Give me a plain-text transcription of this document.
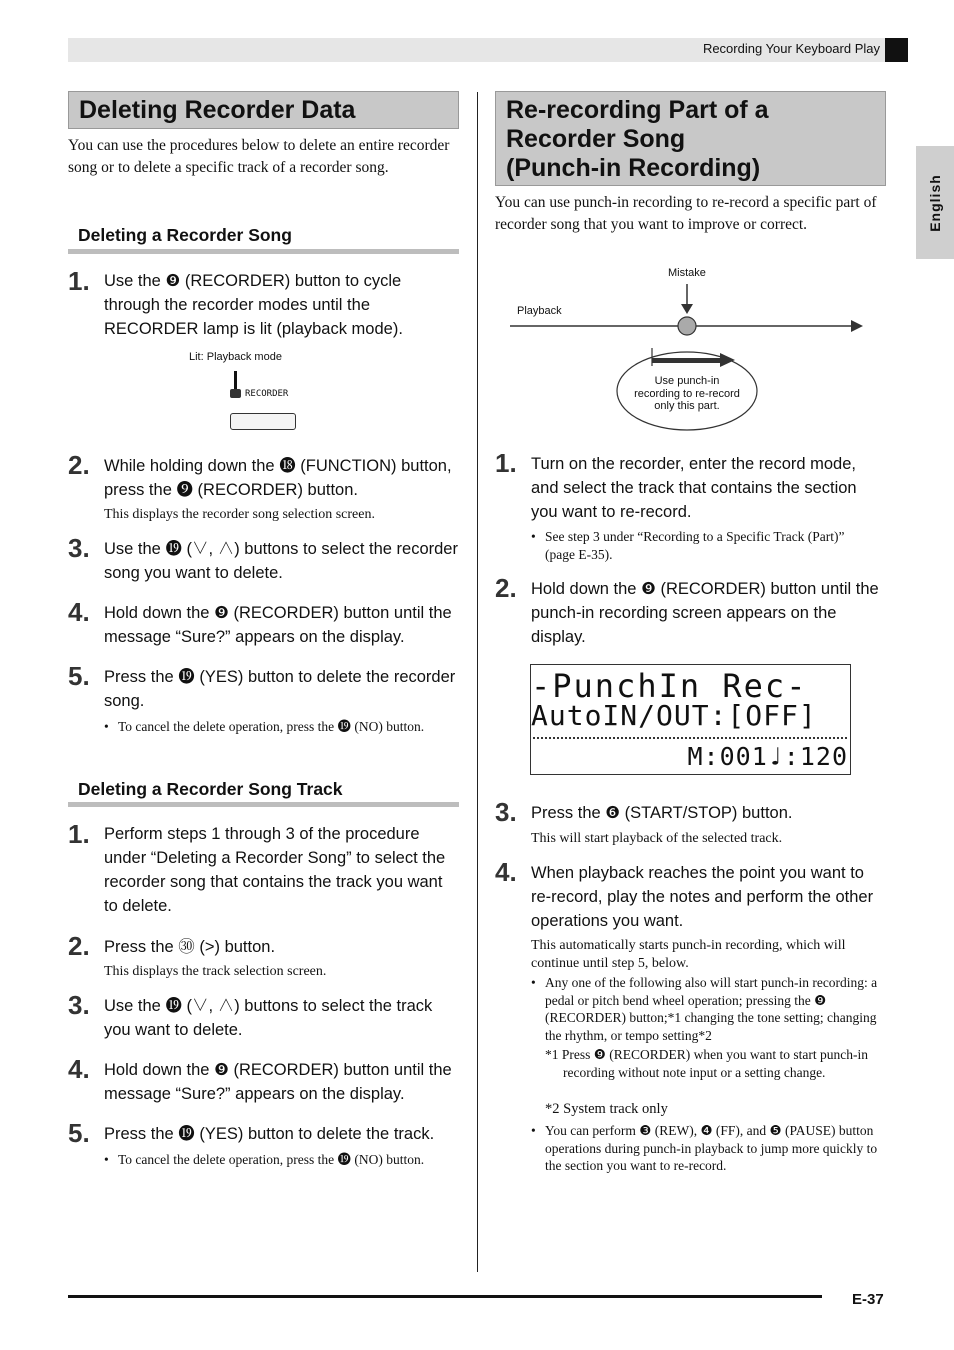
Recording Your Keyboard Play
English
Deleting Recorder Data
You can use the procedures below to delete an entire recorder song or to delete a specific track of a recorder song.
Deleting a Recorder Song
1. Use the ❾ (RECORDER) button to cycle through the recorder modes until the RECORDER lamp is lit (playback mode).
Lit: Playback mode
RECORDER
2. While holding down the ⓲ (FUNCTION) button, press the ❾ (RECORDER) button.
This displays the recorder song selection screen.
3. Use the ⓳ (∨, ∧) buttons to select the recorder song you want to delete.
4. Hold down the ❾ (RECORDER) button until the message “Sure?” appears on the display.
5. Press the ⓳ (YES) button to delete the recorder song.
• To cancel the delete operation, press the ⓳ (NO) button.
Deleting a Recorder Song Track
1. Perform steps 1 through 3 of the procedure under “Deleting a Recorder Song” to select the recorder song that contains the track you want to delete.
2. Press the ㉚ (>) button.
This displays the track selection screen.
3. Use the ⓳ (∨, ∧) buttons to select the track you want to delete.
4. Hold down the ❾ (RECORDER) button until the message “Sure?” appears on the display.
5. Press the ⓳ (YES) button to delete the track.
• To cancel the delete operation, press the ⓳ (NO) button.
Re-recording Part of a
Recorder Song
(Punch-in Recording)
You can use punch-in recording to re-record a specific part of recorder song that you want to improve or correct.
Mistake
Playback
Use punch-in
recording to re-record
only this part.
1. Turn on the recorder, enter the record mode, and select the track that contains the section you want to re-record.
• See step 3 under “Recording to a Specific Track (Part)” (page E-35).
2. Hold down the ❾ (RECORDER) button until the punch-in recording screen appears on the display.
-PunchIn Rec-
AutoIN/OUT:[OFF]
M:001♩:120
3. Press the ❻ (START/STOP) button.
This will start playback of the selected track.
4. When playback reaches the point you want to re-record, play the notes and perform the other operations you want.
This automatically starts punch-in recording, which will continue until step 5, below.
• Any one of the following also will start punch-in recording: a pedal or pitch bend wheel operation; pressing the ❾ (RECORDER) button;*1 changing the tone setting; changing the rhythm, or tempo setting*2
*1 Press ❾ (RECORDER) when you want to start punch-in recording without note input or a setting change.
*2 System track only
• You can perform ❸ (REW), ❹ (FF), and ❺ (PAUSE) button operations during punch-in playback to jump more quickly to the section you want to re-record.
E-37
